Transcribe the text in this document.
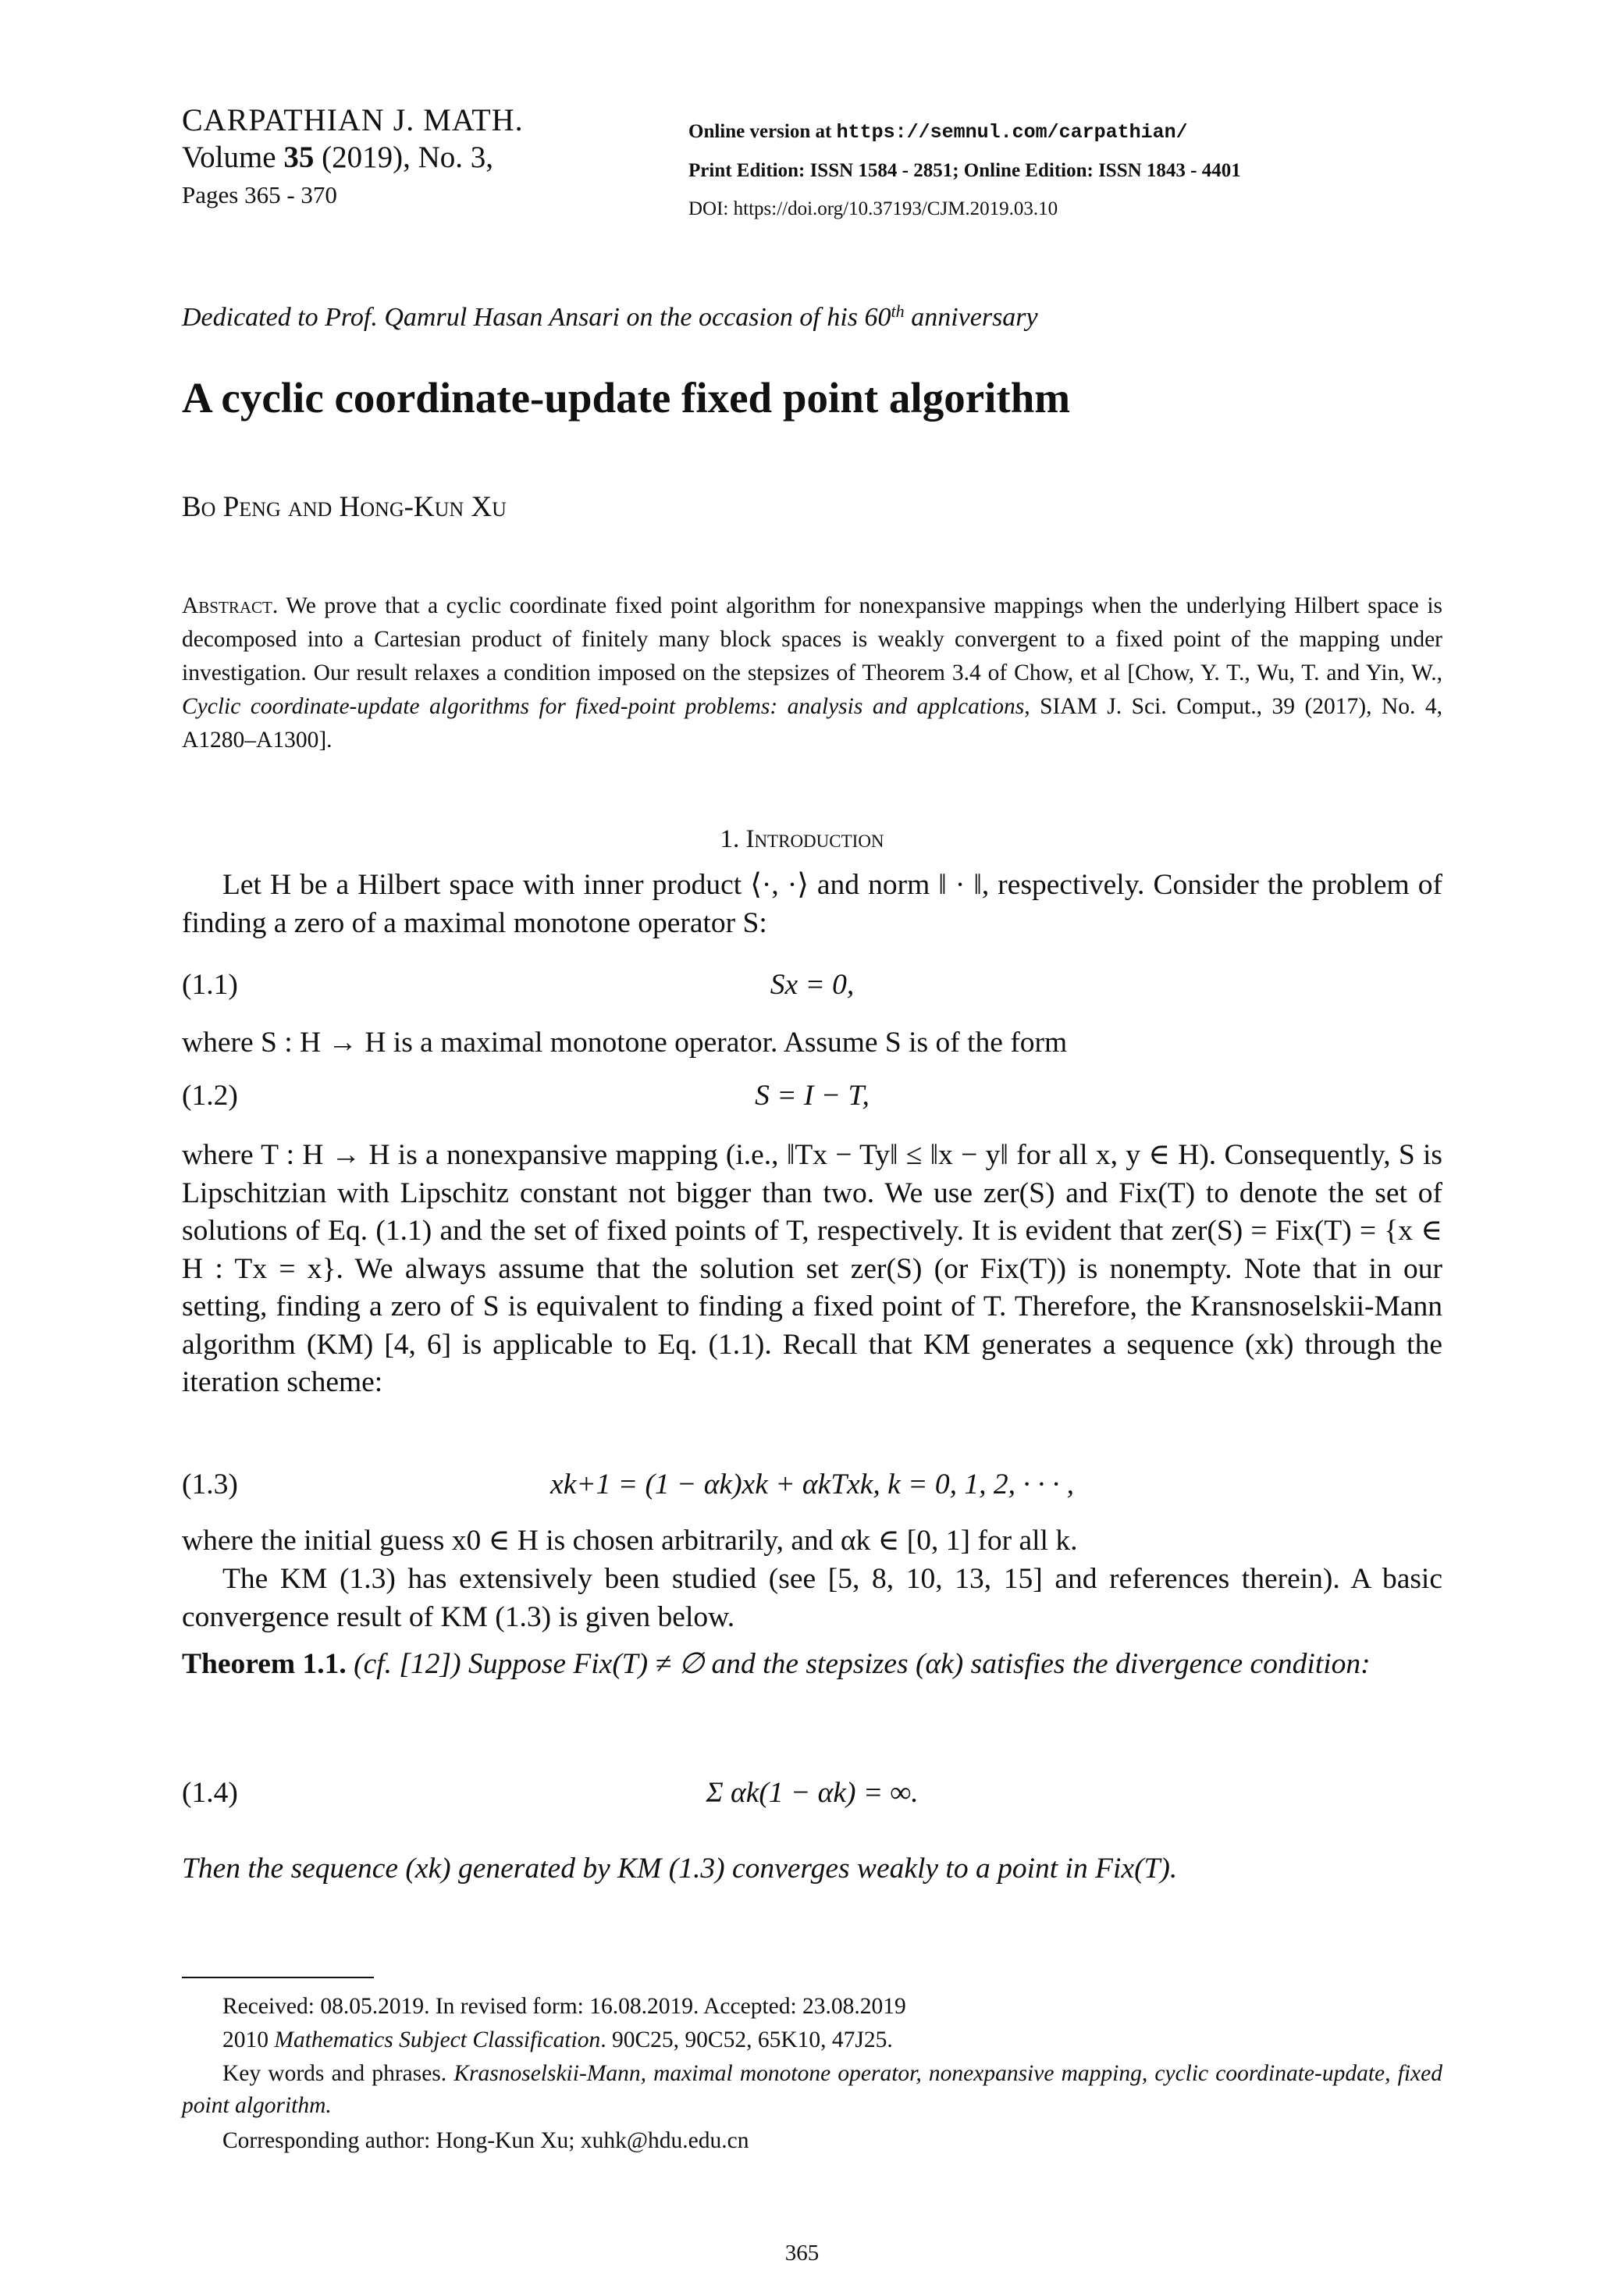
CARPATHIAN J. MATH.
Volume 35 (2019), No. 3,
Pages 365 - 370
Online version at https://semnul.com/carpathian/
Print Edition: ISSN 1584 - 2851; Online Edition: ISSN 1843 - 4401
DOI: https://doi.org/10.37193/CJM.2019.03.10
Dedicated to Prof. Qamrul Hasan Ansari on the occasion of his 60th anniversary
A cyclic coordinate-update fixed point algorithm
Bo Peng and Hong-Kun Xu
Abstract. We prove that a cyclic coordinate fixed point algorithm for nonexpansive mappings when the underlying Hilbert space is decomposed into a Cartesian product of finitely many block spaces is weakly convergent to a fixed point of the mapping under investigation. Our result relaxes a condition imposed on the stepsizes of Theorem 3.4 of Chow, et al [Chow, Y. T., Wu, T. and Yin, W., Cyclic coordinate-update algorithms for fixed-point problems: analysis and applcations, SIAM J. Sci. Comput., 39 (2017), No. 4, A1280–A1300].
1. Introduction
Let H be a Hilbert space with inner product ⟨·, ·⟩ and norm ‖ · ‖, respectively. Consider the problem of finding a zero of a maximal monotone operator S:
(1.1)	Sx = 0,
where S : H → H is a maximal monotone operator. Assume S is of the form
(1.2)	S = I − T,
where T : H → H is a nonexpansive mapping (i.e., ‖Tx − Ty‖ ≤ ‖x − y‖ for all x, y ∈ H). Consequently, S is Lipschitzian with Lipschitz constant not bigger than two. We use zer(S) and Fix(T) to denote the set of solutions of Eq. (1.1) and the set of fixed points of T, respectively. It is evident that zer(S) = Fix(T) = {x ∈ H : Tx = x}. We always assume that the solution set zer(S) (or Fix(T)) is nonempty. Note that in our setting, finding a zero of S is equivalent to finding a fixed point of T. Therefore, the Kransnoselskii-Mann algorithm (KM) [4, 6] is applicable to Eq. (1.1). Recall that KM generates a sequence (xk) through the iteration scheme:
(1.3)	xk+1 = (1 − αk)xk + αkTxk, k = 0, 1, 2, · · · ,
where the initial guess x0 ∈ H is chosen arbitrarily, and αk ∈ [0, 1] for all k.
The KM (1.3) has extensively been studied (see [5, 8, 10, 13, 15] and references therein). A basic convergence result of KM (1.3) is given below.
Theorem 1.1. (cf. [12]) Suppose Fix(T) ≠ ∅ and the stepsizes (αk) satisfies the divergence condition:
(1.4)	Σ αk(1 − αk) = ∞.
Then the sequence (xk) generated by KM (1.3) converges weakly to a point in Fix(T).
Received: 08.05.2019. In revised form: 16.08.2019. Accepted: 23.08.2019
2010 Mathematics Subject Classification. 90C25, 90C52, 65K10, 47J25.
Key words and phrases. Krasnoselskii-Mann, maximal monotone operator, nonexpansive mapping, cyclic coordinate-update, fixed point algorithm.
Corresponding author: Hong-Kun Xu; xuhk@hdu.edu.cn
365
